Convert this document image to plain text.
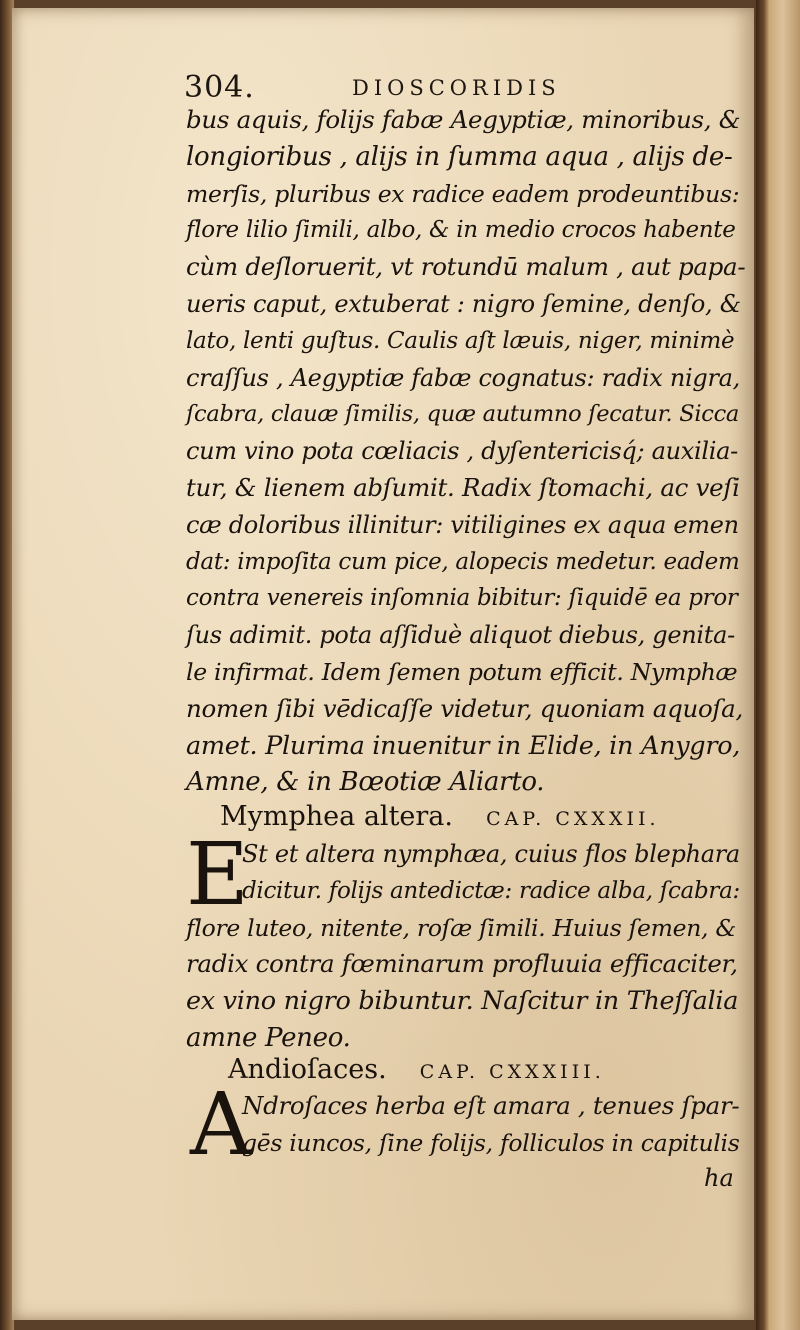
304.	DIOSCORIDIS
bus aquis, folijs fabæ Aegyptiæ, minoribus, &
longioribus , alijs in ſumma aqua , alijs de-
merſis, pluribus ex radice eadem prodeuntibus:
flore lilio ſimili, albo, & in medio crocos habente
cùm deſloruerit, vt rotundū malum , aut papa-
ueris caput, extuberat : nigro ſemine, denſo, &
lato, lenti guſtus. Caulis aſt læuis, niger, minimè
craſſus , Aegyptiæ fabæ cognatus: radix nigra,
ſcabra, clauæ ſimilis, quæ autumno ſecatur. Sicca
cum vino pota cœliacis , dyſentericisq́; auxilia-
tur, & lienem abſumit. Radix ſtomachi, ac veſi
cæ doloribus illinitur: vitiligines ex aqua emen
dat: impoſita cum pice, alopecis medetur. eadem
contra venereis inſomnia bibitur: ſiquidē ea pror
ſus adimit. pota aſſiduè aliquot diebus, genita-
le infirmat. Idem ſemen potum efficit. Nymphæ
nomen ſibi vēdicaſſe videtur, quoniam aquoſa,
amet. Plurima inuenitur in Elide, in Anygro,
Amne, & in Bœotiæ Aliarto.
Mymphea altera. CAP. CXXXII.
E
St et altera nymphæa, cuius flos blephara
dicitur. folijs antedictæ: radice alba, ſcabra:
flore luteo, nitente, roſæ ſimili. Huius ſemen, &
radix contra fœminarum profluuia efficaciter,
ex vino nigro bibuntur. Naſcitur in Theſſalia
amne Peneo.
Andioſaces. CAP. CXXXIII.
A
Ndroſaces herba eſt amara , tenues ſpar-
gēs iuncos, ſine folijs, folliculos in capitulis
ha
